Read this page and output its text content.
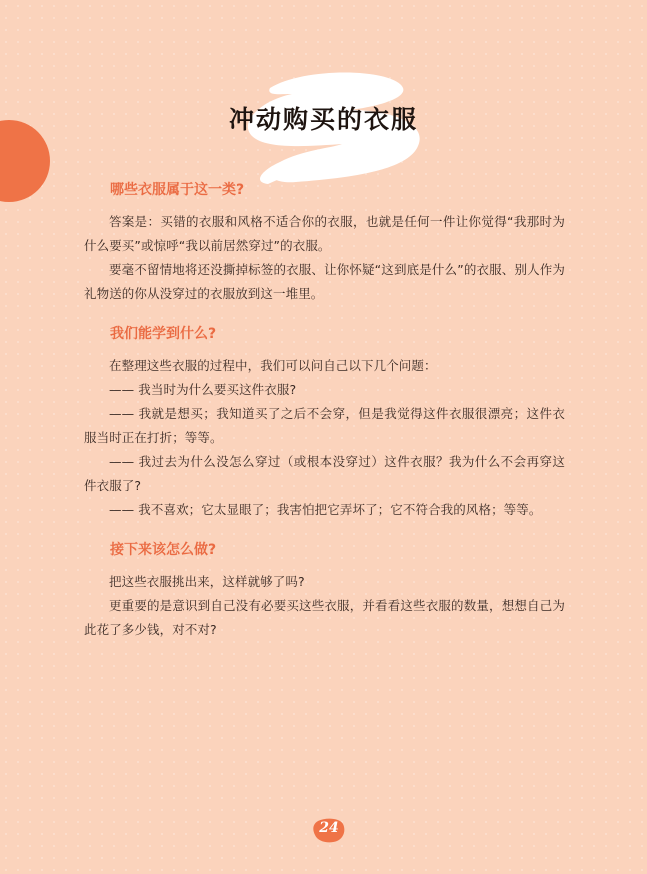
冲动购买的衣服
哪些衣服属于这一类?

答案是：买错的衣服和风格不适合你的衣服，也就是任何一件让你觉得“我那时为什么要买”或惊呼“我以前居然穿过”的衣服。

要毫不留情地将还没撕掉标签的衣服、让你怀疑“这到底是什么”的衣服、别人作为礼物送的你从没穿过的衣服放到这一堆里。

我们能学到什么?

在整理这些衣服的过程中，我们可以问自己以下几个问题：

—— 我当时为什么要买这件衣服?

—— 我就是想买；我知道买了之后不会穿，但是我觉得这件衣服很漂亮；这件衣服当时正在打折；等等。

—— 我过去为什么没怎么穿过（或根本没穿过）这件衣服？我为什么不会再穿这件衣服了?

—— 我不喜欢；它太显眼了；我害怕把它弄坏了；它不符合我的风格；等等。

接下来该怎么做?

把这些衣服挑出来，这样就够了吗?

更重要的是意识到自己没有必要买这些衣服，并看看这些衣服的数量，想想自己为此花了多少钱，对不对?

24
